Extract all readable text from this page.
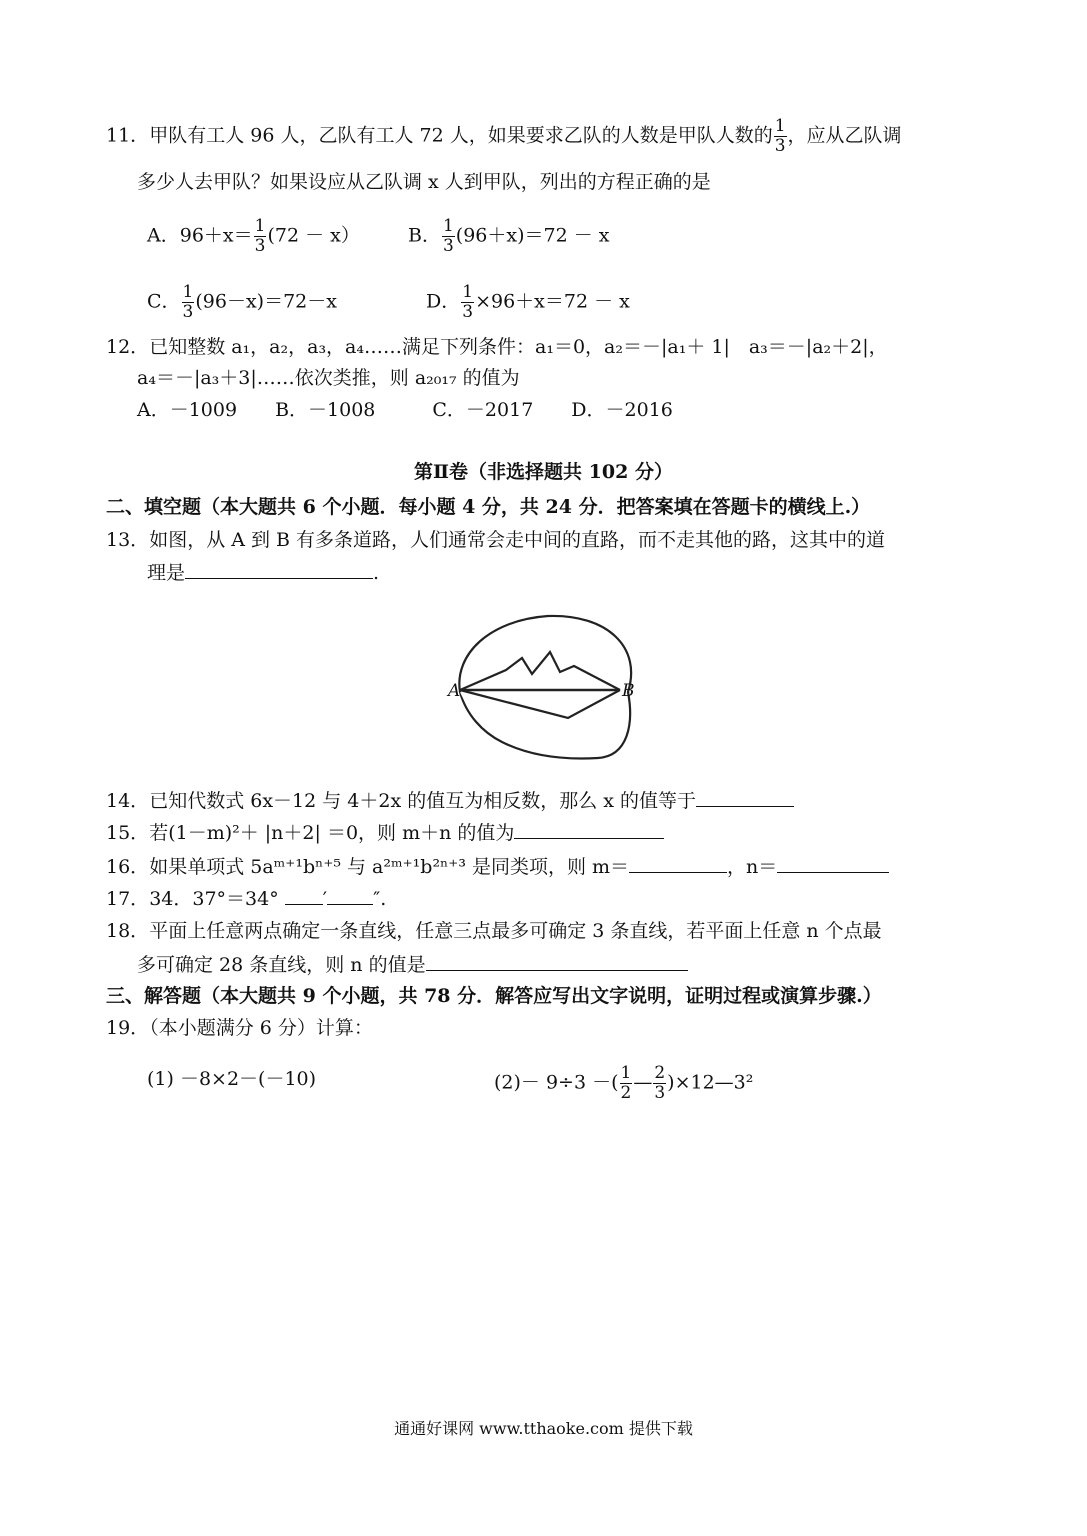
11．甲队有工人 96 人，乙队有工人 72 人，如果要求乙队的人数是甲队人数的 $\frac{1}{3}$ ，应从乙队调
多少人去甲队？如果设应从乙队调 x 人到甲队，列出的方程正确的是
A．$96+x= \frac{1}{3} (72 - x)$	B． $\frac{1}{3} (96+x)=72 - x$
C． $\frac{1}{3} (96-x)=72-x$	D． $\frac{1}{3} \times 96+x=72 - x$
12．已知整数 a₁，a₂，a₃，a₄……满足下列条件：a₁＝0，a₂＝－|a₁＋ 1|　a₃＝－|a₂＋2|，
a₄＝－|a₃＋3|……依次类推，则 a₂₀₁₇ 的值为
A．－1009　　B．－1008　　　C．－2017　　D．－2016
第Ⅱ卷（非选择题共 102 分）
二、填空题（本大题共 6 个小题．每小题 4 分，共 24 分．把答案填在答题卡的横线上.）
13．如图，从 A 到 B 有多条道路，人们通常会走中间的直路，而不走其他的路，这其中的道
理是	.
A	B
14．已知代数式 6x－12 与 4＋2x 的值互为相反数，那么 x 的值等于
15．若(1－m)²＋ |n＋2| ＝0，则 m＋n 的值为
16．如果单项式 5aᵐ⁺¹bⁿ⁺⁵ 与 a²ᵐ⁺¹b²ⁿ⁺³ 是同类项，则 m＝	，n＝
17．34．37°＝34° ′ ″.
18．平面上任意两点确定一条直线，任意三点最多可确定 3 条直线，若平面上任意 n 个点最
多可确定 28 条直线，则 n 的值是
三、解答题（本大题共 9 个小题，共 78 分．解答应写出文字说明，证明过程或演算步骤.）
19．（本小题满分 6 分）计算：
(1) －8×2－(－10)	(2)－ 9÷3 －( $\frac{1}{2}$ — $\frac{2}{3}$ )×12—3²
通通好课网 www.tthaoke.com 提供下载
